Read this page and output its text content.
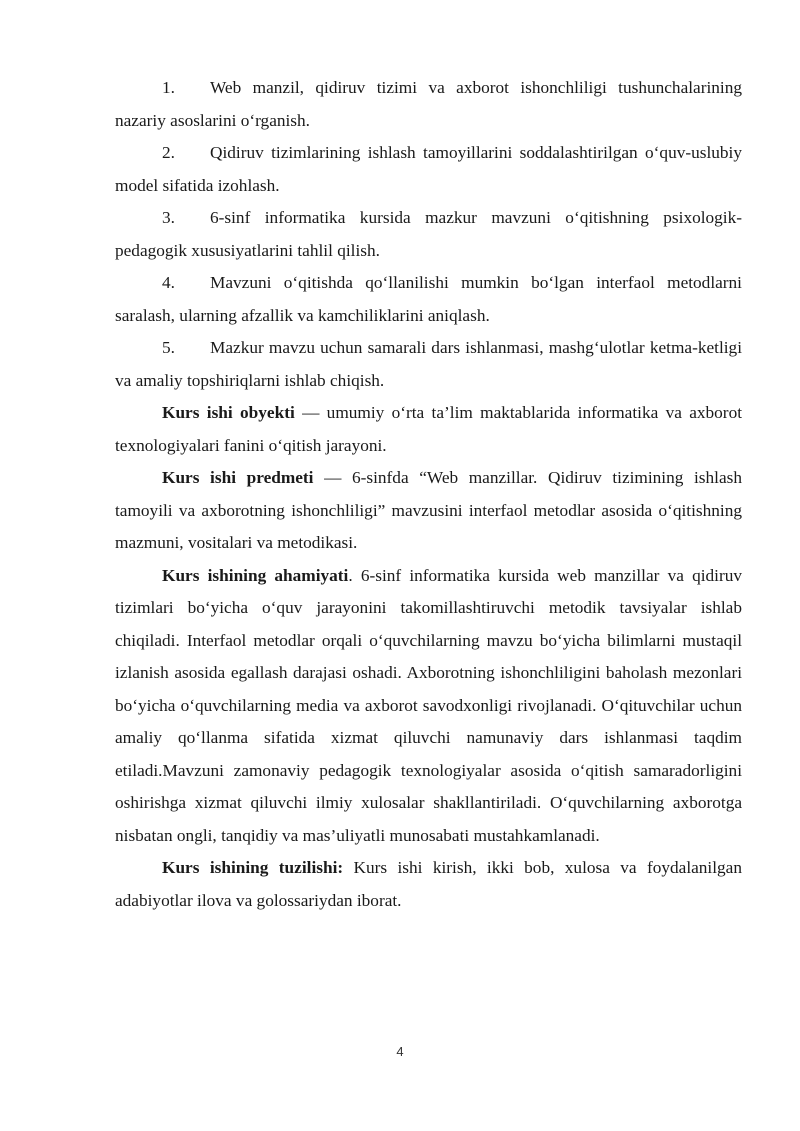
1. Web manzil, qidiruv tizimi va axborot ishonchliligi tushunchalarining nazariy asoslarini o‘rganish.

2. Qidiruv tizimlarining ishlash tamoyillarini soddalashtirilgan o‘quv-uslubiy model sifatida izohlash.

3. 6-sinf informatika kursida mazkur mavzuni o‘qitishning psixologik-pedagogik xususiyatlarini tahlil qilish.

4. Mavzuni o‘qitishda qo‘llanilishi mumkin bo‘lgan interfaol metodlarni saralash, ularning afzallik va kamchiliklarini aniqlash.

5. Mazkur mavzu uchun samarali dars ishlanmasi, mashg‘ulotlar ketma-ketligi va amaliy topshiriqlarni ishlab chiqish.

Kurs ishi obyekti — umumiy o‘rta ta’lim maktablarida informatika va axborot texnologiyalari fanini o‘qitish jarayoni.

Kurs ishi predmeti — 6-sinfda “Web manzillar. Qidiruv tizimining ishlash tamoyili va axborotning ishonchliligi” mavzusini interfaol metodlar asosida o‘qitishning mazmuni, vositalari va metodikasi.

Kurs ishining ahamiyati. 6-sinf informatika kursida web manzillar va qidiruv tizimlari bo‘yicha o‘quv jarayonini takomillashtiruvchi metodik tavsiyalar ishlab chiqiladi. Interfaol metodlar orqali o‘quvchilarning mavzu bo‘yicha bilimlarni mustaqil izlanish asosida egallash darajasi oshadi. Axborotning ishonchliligini baholash mezonlari bo‘yicha o‘quvchilarning media va axborot savodxonligi rivojlanadi. O‘qituvchilar uchun amaliy qo‘llanma sifatida xizmat qiluvchi namunaviy dars ishlanmasi taqdim etiladi.Mavzuni zamonaviy pedagogik texnologiyalar asosida o‘qitish samaradorligini oshirishga xizmat qiluvchi ilmiy xulosalar shakllantiriladi. O‘quvchilarning axborotga nisbatan ongli, tanqidiy va mas’uliyatli munosabati mustahkamlanadi.

Kurs ishining tuzilishi: Kurs ishi kirish, ikki bob, xulosa va foydalanilgan adabiyotlar ilova va golossariydan iborat.

4
